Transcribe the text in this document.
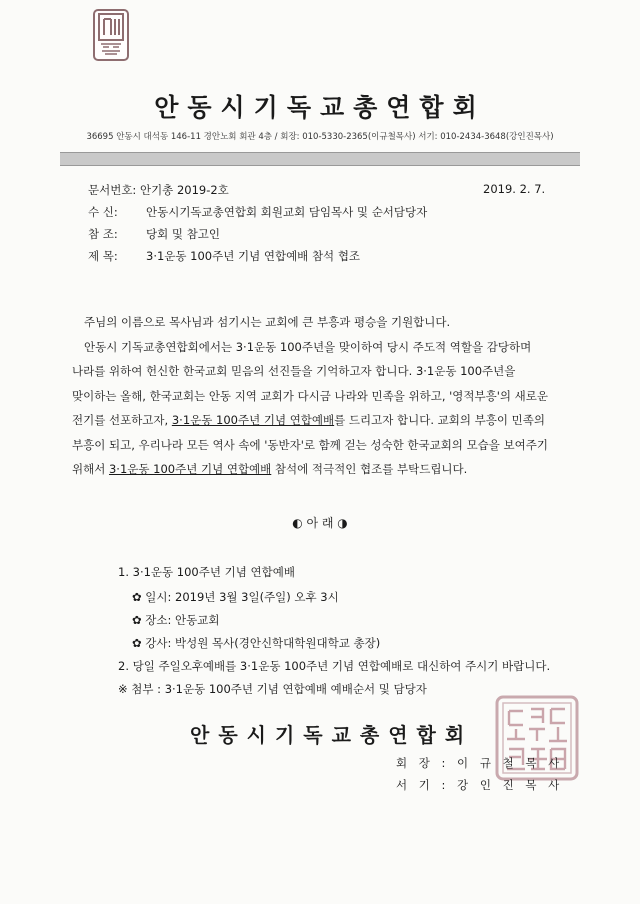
안동시기독교총연합회
36695 안동시 대석동 146-11 경안노회 회관 4층 / 회장: 010-5330-2365(이규철목사) 서기: 010-2434-3648(강인진목사)
문서번호: 안기총 2019-2호	2019. 2. 7.
수 신: 안동시기독교총연합회 회원교회 담임목사 및 순서담당자
참 조: 당회 및 참고인
제 목: 3·1운동 100주년 기념 연합예배 참석 협조

주님의 이름으로 목사님과 섬기시는 교회에 큰 부흥과 평승을 기원합니다.

안동시 기독교총연합회에서는 3·1운동 100주년을 맞이하여 당시 주도적 역할을 감당하며

나라를 위하여 헌신한 한국교회 믿음의 선진들을 기억하고자 합니다. 3·1운동 100주년을

맞이하는 올해, 한국교회는 안동 지역 교회가 다시금 나라와 민족을 위하고, '영적부흥'의 새로운

전기를 선포하고자, 3·1운동 100주년 기념 연합예배를 드리고자 합니다. 교회의 부흥이 민족의

부흥이 되고, 우리나라 모든 역사 속에 '동반자'로 함께 걷는 성숙한 한국교회의 모습을 보여주기

위해서 3·1운동 100주년 기념 연합예배 참석에 적극적인 협조를 부탁드립니다.

◐ 아 래 ◑
1. 3·1운동 100주년 기념 연합예배
✿ 일시: 2019년 3월 3일(주일) 오후 3시
✿ 장소: 안동교회
✿ 강사: 박성원 목사(경안신학대학원대학교 총장)
2. 당일 주일오후예배를 3·1운동 100주년 기념 연합예배로 대신하여 주시기 바랍니다.
※ 첨부 : 3·1운동 100주년 기념 연합예배 예배순서 및 담당자
안동시기독교총연합회
회 장 : 이 규 철 목 사
서 기 : 강 인 진 목 사
